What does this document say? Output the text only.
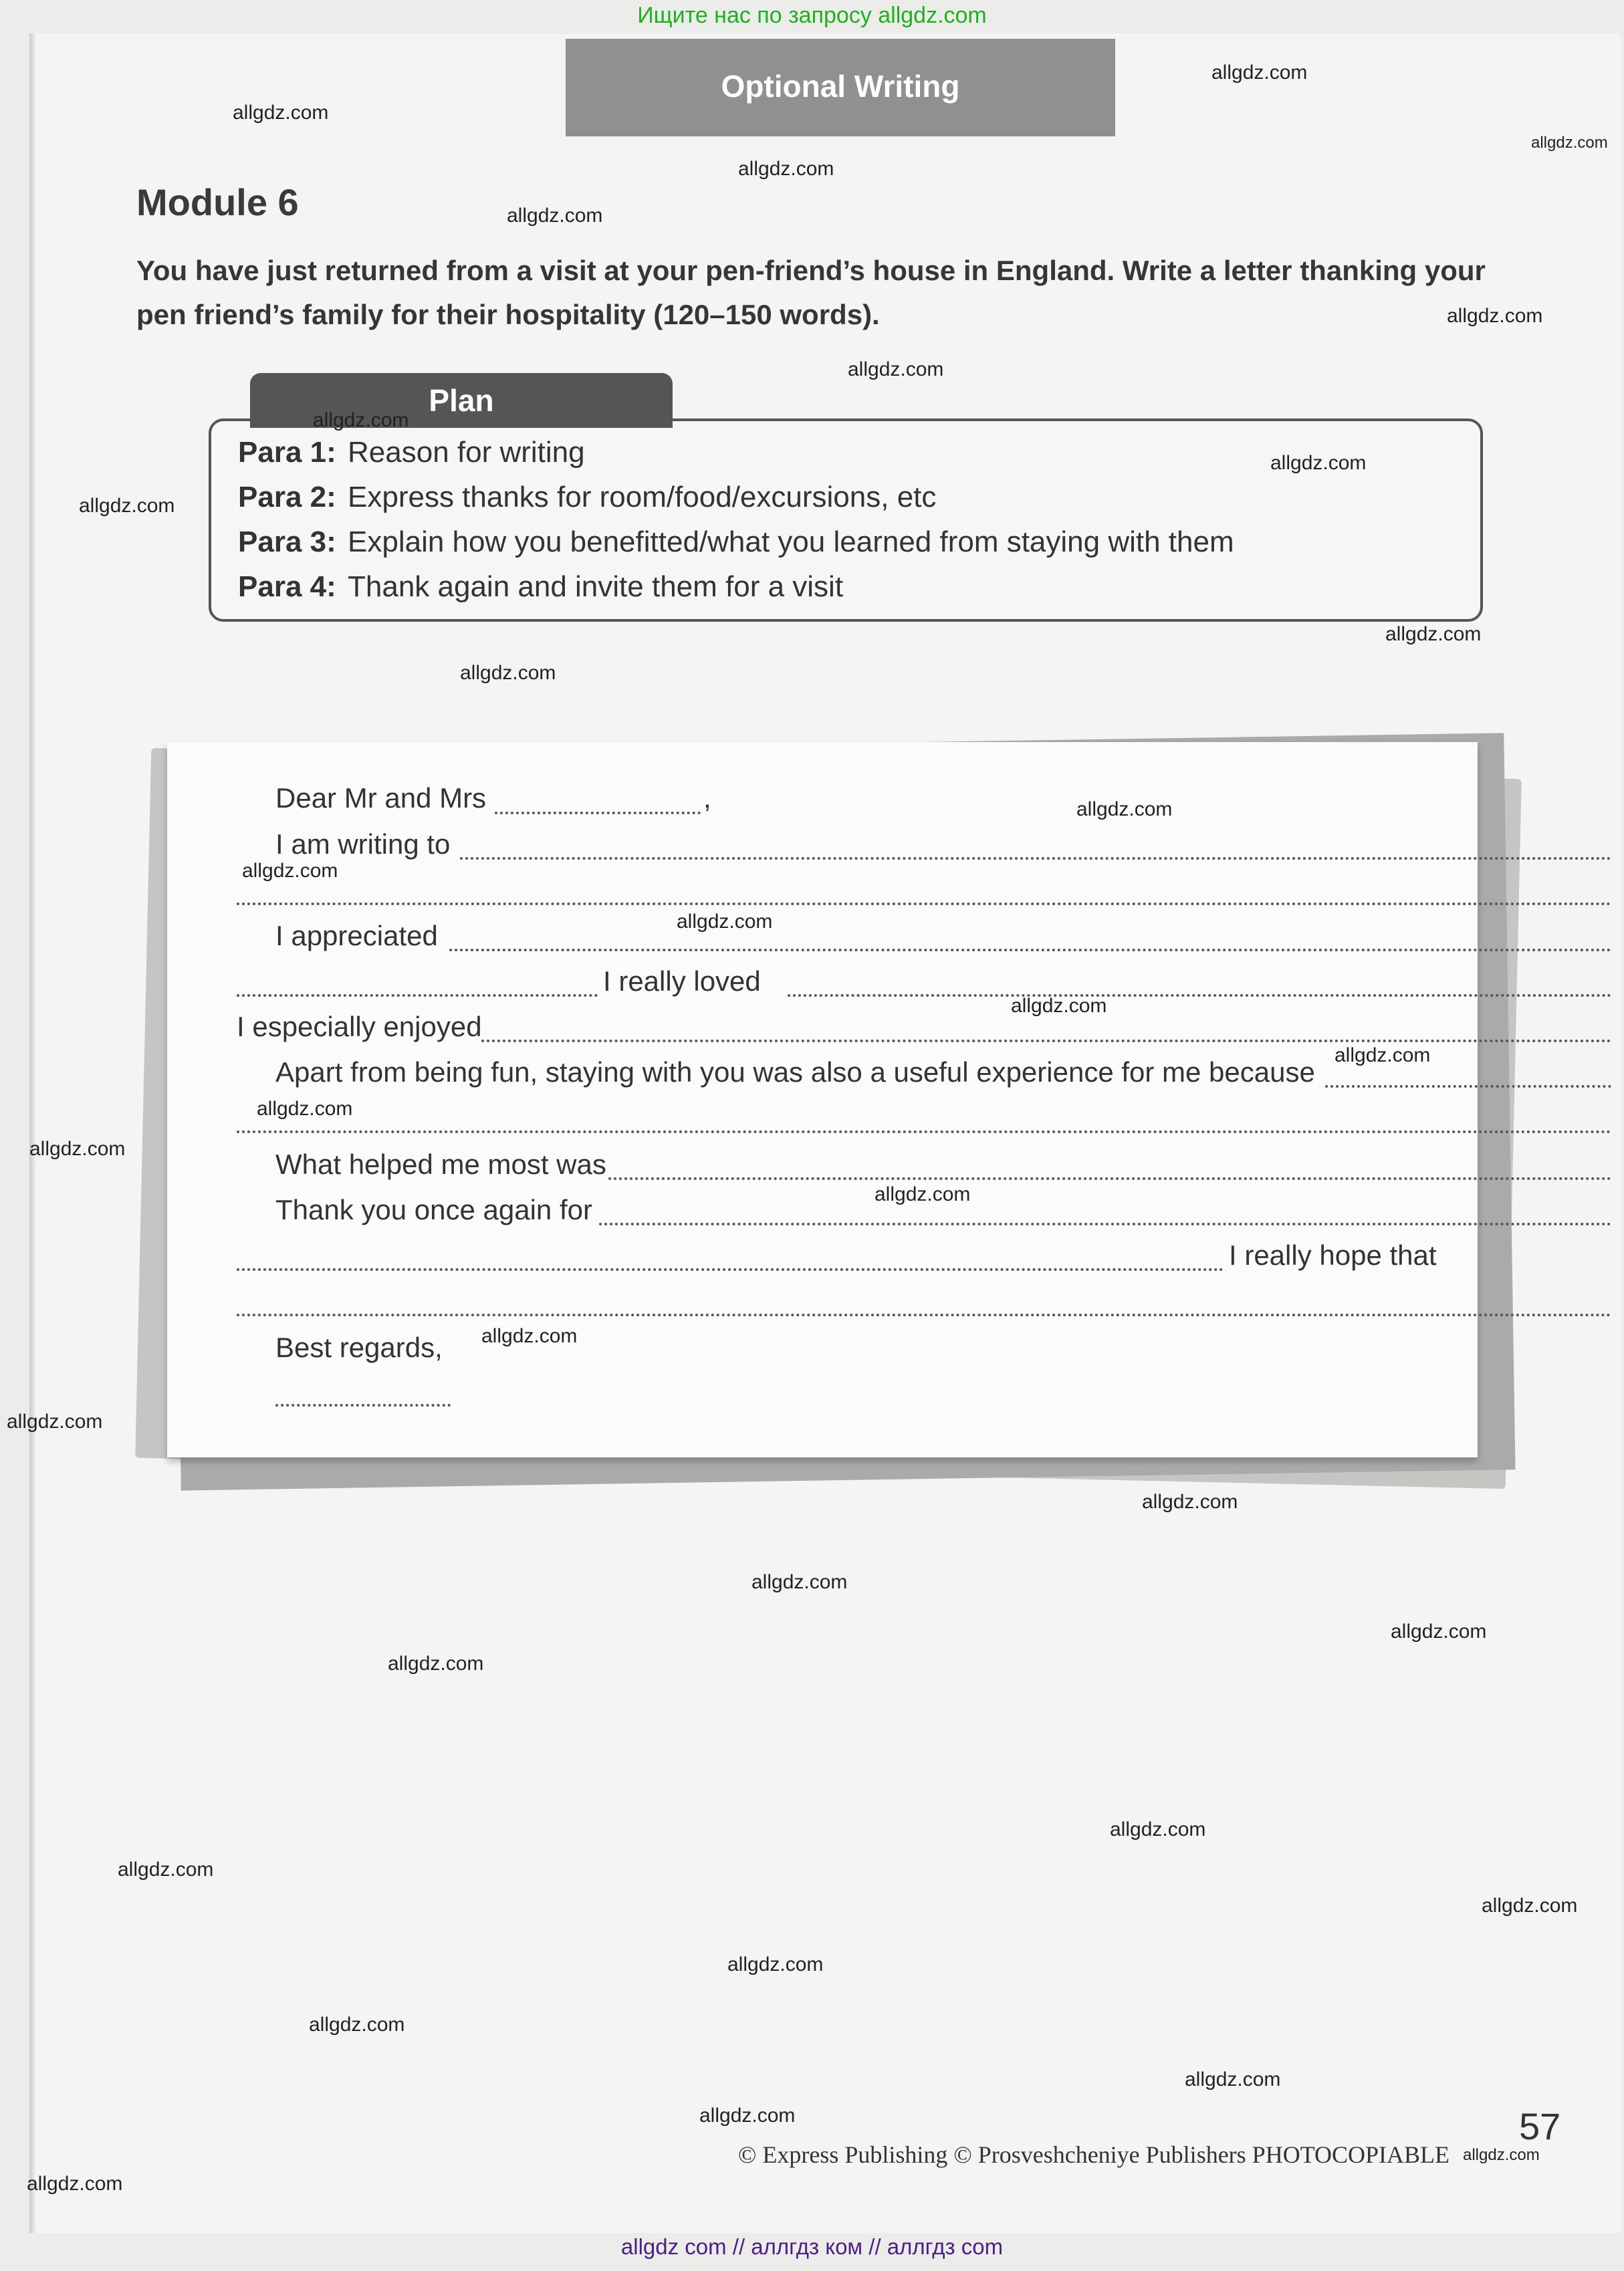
Ищите нас по запросу allgdz.com
Optional Writing
Module 6
You have just returned from a visit at your pen-friend’s house in England. Write a letter thanking your
pen friend’s family for their hospitality (120–150 words).
Para 1: Reason for writing
Para 2: Express thanks for room/food/excursions, etc
Para 3: Explain how you benefitted/what you learned from staying with them
Para 4: Thank again and invite them for a visit
Plan
Dear Mr and Mrs	,
I am writing to
I appreciated
I really loved
I especially enjoyed
Apart from being fun, staying with you was also a useful experience for me because
What helped me most was
Thank you once again for
I really hope that
Best regards,
57
© Express Publishing © Prosveshcheniye Publishers PHOTOCOPIABLE
allgdz.com
allgdz.com
allgdz.com
allgdz.com
allgdz.com
allgdz.com
allgdz.com
allgdz.com
allgdz.com
allgdz.com
allgdz.com
allgdz.com
allgdz.com
allgdz.com
allgdz.com
allgdz.com
allgdz.com
allgdz.com
allgdz.com
allgdz.com
allgdz.com
allgdz.com
allgdz.com
allgdz.com
allgdz.com
allgdz.com
allgdz.com
allgdz.com
allgdz.com
allgdz.com
allgdz.com
allgdz.com
allgdz.com
allgdz.com
allgdz.com
allgdz com // аллгдз ком // аллгдз com
